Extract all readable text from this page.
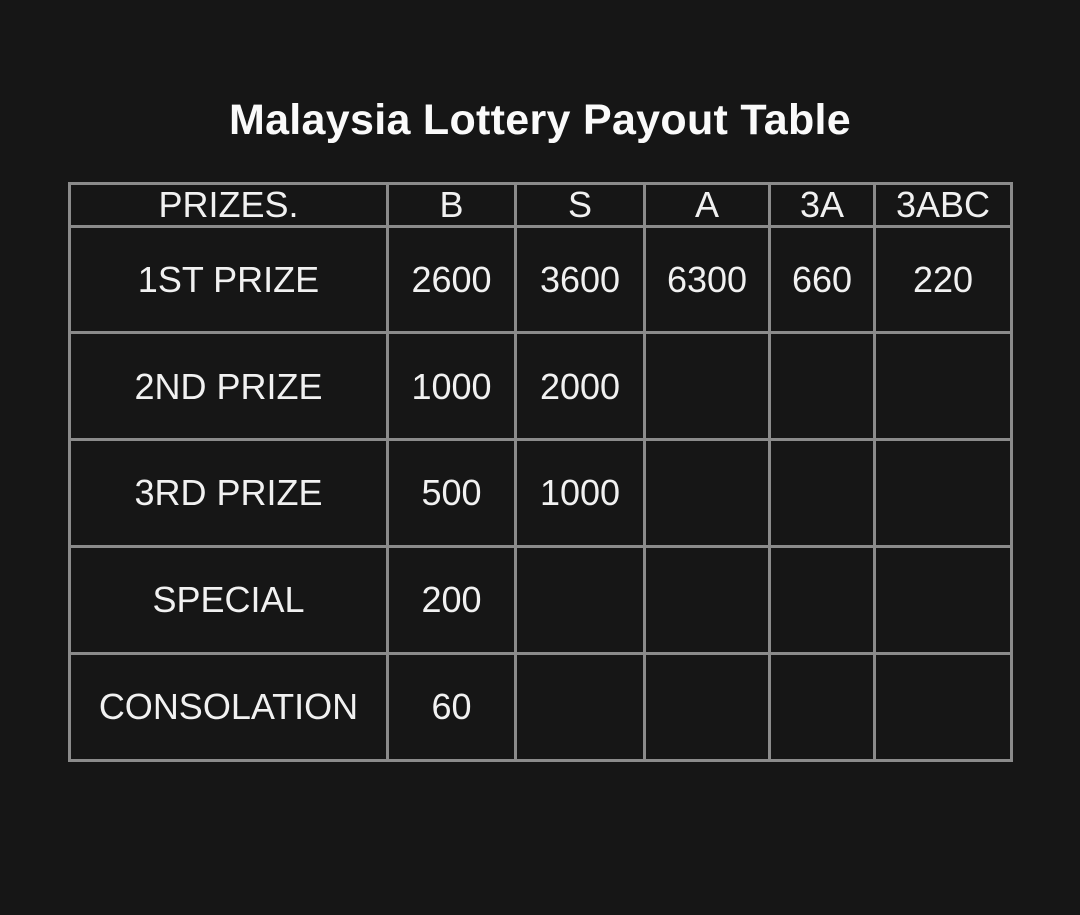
Malaysia Lottery Payout Table
PRIZES.	B	S	A	3A	3ABC
1ST PRIZE	2600	3600	6300	660	220
2ND PRIZE	1000	2000			
3RD PRIZE	500	1000			
SPECIAL	200				
CONSOLATION	60				
